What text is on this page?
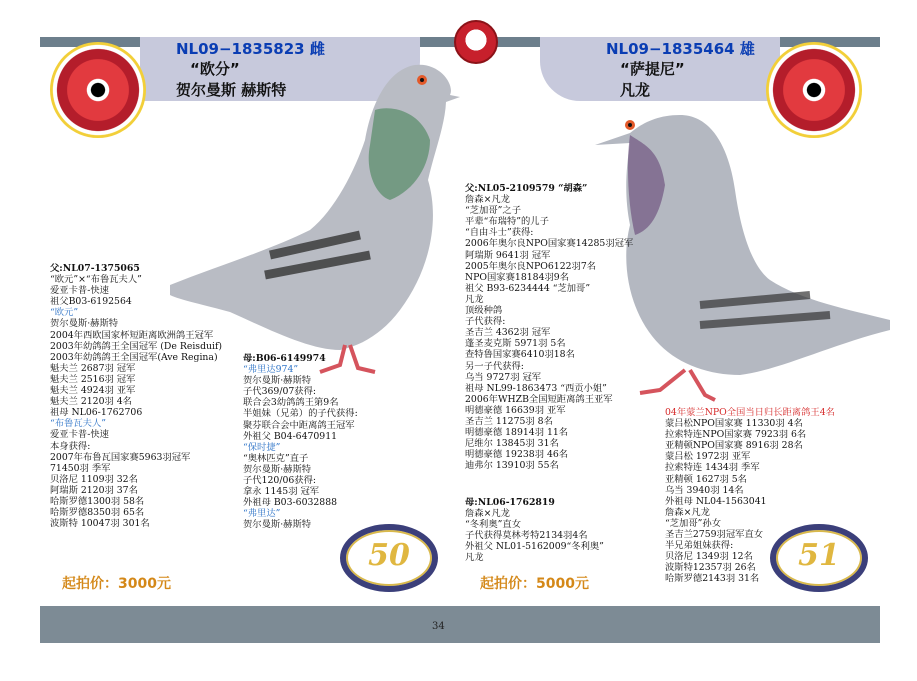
NL09−1835823 雌
“欧分”
贺尔曼斯 赫斯特
NL09−1835464 雄
“萨提尼”
凡龙
父:NL07-1375065
“欧元”×“布鲁瓦夫人”
爱亚卡普-快速
祖父B03-6192564
“欧元”
贺尔曼斯·赫斯特
2004年西欧国家杯短距离欧洲鸽王冠军
2003年幼鸽鸽王全国冠军 (De Reisduif)
2003年幼鸽鸽王全国冠军(Ave Regina)
魁夫兰 2687羽 冠军
魁夫兰 2516羽 冠军
魁夫兰 4924羽 亚军
魁夫兰 2120羽 4名
祖母 NL06-1762706
“布鲁瓦夫人”
爱亚卡普-快速
本身获得:
2007年布鲁瓦国家赛5963羽冠军
71450羽 季军
贝洛尼 1109羽 32名
阿瑞斯 2120羽 37名
哈斯罗德1300羽 58名
哈斯罗德8350羽 65名
波斯特 10047羽 301名
母:B06-6149974
“弗里达974”
贺尔曼斯·赫斯特
子代369/07获得:
联合会3幼鸽鸽王第9名
半姐妹（兄弟）的子代获得:
聚芬联合会中距离鸽王冠军
外祖父 B04-6470911
“保时捷”
“奥林匹克”直子
贺尔曼斯·赫斯特
子代120/06获得:
拿永 1145羽 冠军
外祖母 B03-6032888
“弗里达”
贺尔曼斯·赫斯特
父:NL05-2109579 “胡森”
詹森×凡龙
“芝加哥”之子
平辈“布瑞特”的儿子
“自由斗士”获得:
2006年奥尔良NPO国家赛14285羽冠军
阿瑞斯 9641羽 冠军
2005年奥尔良NPO6122羽7名
NPO国家赛18184羽9名
祖父 B93-6234444 “芝加哥”
凡龙
顶级种鸽
子代获得:
圣吉兰 4362羽 冠军
蓬圣麦克斯 5971羽 5名
查特鲁国家赛6410羽18名
另一子代获得:
乌当 9727羽 冠军
祖母 NL99-1863473 “西贡小姐”
2006年WHZB全国短距离鸽王亚军
明德豪德 16639羽 亚军
圣吉兰 11275羽 8名
明德豪德 18914羽 11名
尼维尔 13845羽 31名
明德豪德 19238羽 46名
迪弗尔 13910羽 55名
母:NL06-1762819
詹森×凡龙
“冬利奥”直女
子代获得莫林考特2134羽4名
外祖父 NL01-5162009“冬利奥”
凡龙
04年蒙兰NPO全国当日归长距离鸽王4名
蒙吕松NPO国家赛 11330羽 4名
拉索特连NPO国家赛 7923羽 6名
亚精顿NPO国家赛 8916羽 28名
蒙吕松 1972羽 亚军
拉索特连 1434羽 季军
亚精顿 1627羽 5名
乌当 3940羽 14名
外祖母 NL04-1563041
詹森×凡龙
“芝加哥”孙女
圣吉兰2759羽冠军直女
半兄弟姐妹获得:
贝洛尼 1349羽 12名
波斯特12357羽 26名
哈斯罗德2143羽 31名
起拍价：3000元	起拍价：5000元
50	51
34
